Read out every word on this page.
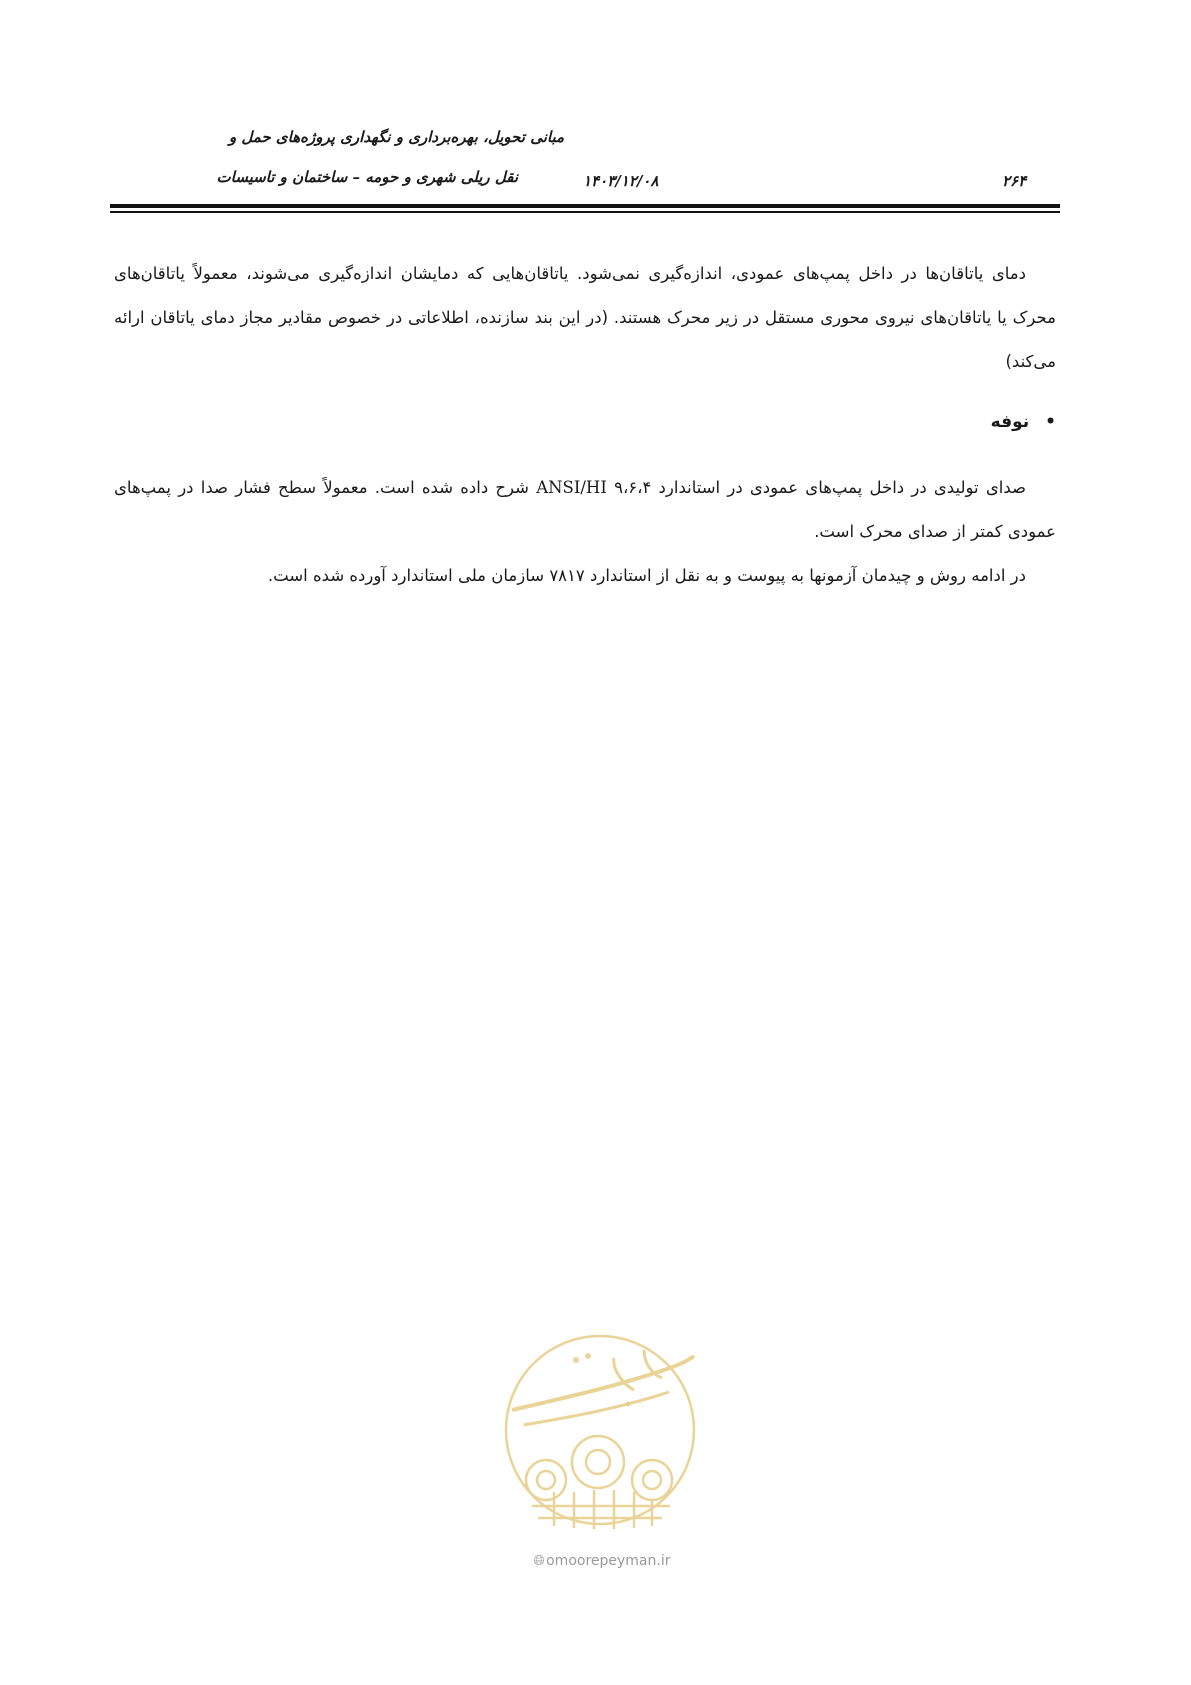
مبانی تحویل، بهره‌برداری و نگهداری پروژه‌های حمل و
نقل ریلی شهری و حومه – ساختمان و تاسیسات	۱۴۰۳/۱۲/۰۸	۲۶۴
دمای یاتاقان‌ها در داخل پمپ‌های عمودی، اندازه‌گیری نمی‌شود. یاتاقان‌هایی که دمایشان اندازه‌گیری می‌شوند، معمولاً یاتاقان‌های محرک یا یاتاقان‌های نیروی محوری مستقل در زیر محرک هستند. (در این بند سازنده، اطلاعاتی در خصوص مقادیر مجاز دمای یاتاقان ارائه می‌کند)
•نوفه
صدای تولیدی در داخل پمپ‌های عمودی در استاندارد ۹،۶،۴ ANSI/HI شرح داده شده است. معمولاً سطح فشار صدا در پمپ‌های عمودی کمتر از صدای محرک است.
در ادامه روش و چیدمان آزمونها به پیوست و به نقل از استاندارد ۷۸۱۷ سازمان ملی استاندارد آورده شده است.
🌐︎ omoorepeyman.ir
